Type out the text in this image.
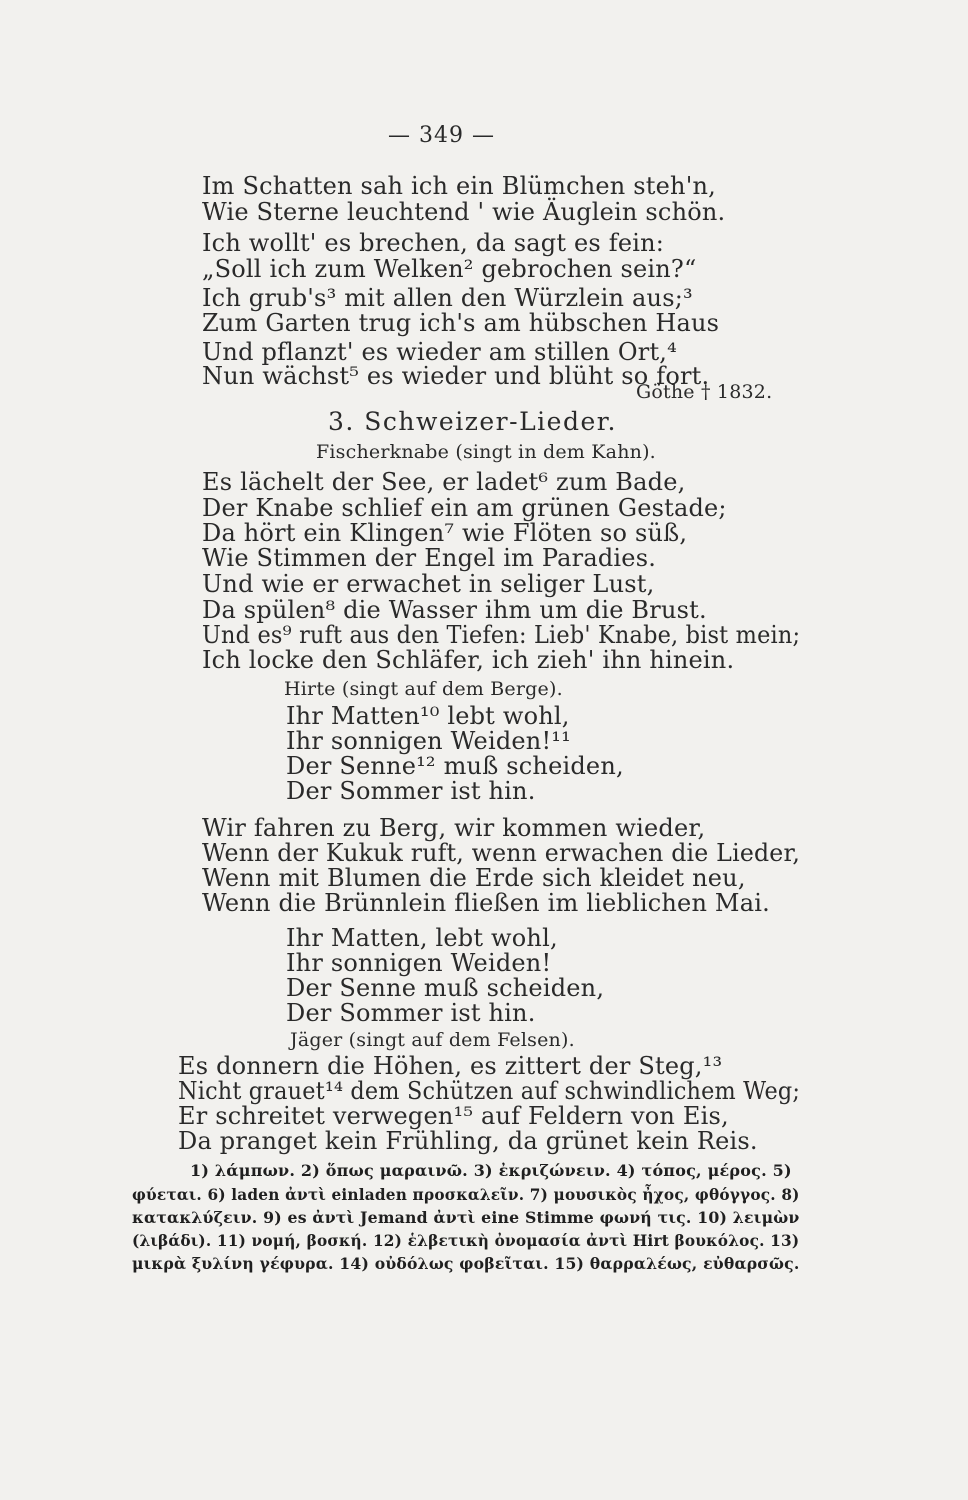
— 349 —
Im Schatten sah ich ein Blümchen steh'n,
Wie Sterne leuchtend ' wie Äuglein schön.
Ich wollt' es brechen, da sagt es fein:
„Soll ich zum Welken² gebrochen sein?“
Ich grub's³ mit allen den Würzlein aus;³
Zum Garten trug ich's am hübschen Haus
Und pflanzt' es wieder am stillen Ort,⁴
Nun wächst⁵ es wieder und blüht so fort.
Göthe † 1832.
3. Schweizer-Lieder.
Fischerknabe (singt in dem Kahn).
Es lächelt der See, er ladet⁶ zum Bade,
Der Knabe schlief ein am grünen Gestade;
Da hört ein Klingen⁷ wie Flöten so süß,
Wie Stimmen der Engel im Paradies.
Und wie er erwachet in seliger Lust,
Da spülen⁸ die Wasser ihm um die Brust.
Und es⁹ ruft aus den Tiefen: Lieb' Knabe, bist mein;
Ich locke den Schläfer, ich zieh' ihn hinein.
Hirte (singt auf dem Berge).
Ihr Matten¹⁰ lebt wohl,
Ihr sonnigen Weiden!¹¹
Der Senne¹² muß scheiden,
Der Sommer ist hin.
Wir fahren zu Berg, wir kommen wieder,
Wenn der Kukuk ruft, wenn erwachen die Lieder,
Wenn mit Blumen die Erde sich kleidet neu,
Wenn die Brünnlein fließen im lieblichen Mai.
Ihr Matten, lebt wohl,
Ihr sonnigen Weiden!
Der Senne muß scheiden,
Der Sommer ist hin.
Jäger (singt auf dem Felsen).
Es donnern die Höhen, es zittert der Steg,¹³
Nicht grauet¹⁴ dem Schützen auf schwindlichem Weg;
Er schreitet verwegen¹⁵ auf Feldern von Eis,
Da pranget kein Frühling, da grünet kein Reis.
1) λάμπων. 2) ὅπως μαραινῶ. 3) ἐκριζώνειν. 4) τόπος, μέρος. 5)
φύεται. 6) laden ἀντὶ einladen προσκαλεῖν. 7) μουσικὸς ἦχος, φθόγγος. 8)
κατακλύζειν. 9) es ἀντὶ Jemand ἀντὶ eine Stimme φωνή τις. 10) λειμὼν
(λιβάδι). 11) νομή, βοσκή. 12) ἑλβετικὴ ὀνομασία ἀντὶ Hirt βουκόλος. 13)
μικρὰ ξυλίνη γέφυρα. 14) οὐδόλως φοβεῖται. 15) θαρραλέως, εὐθαρσῶς.
